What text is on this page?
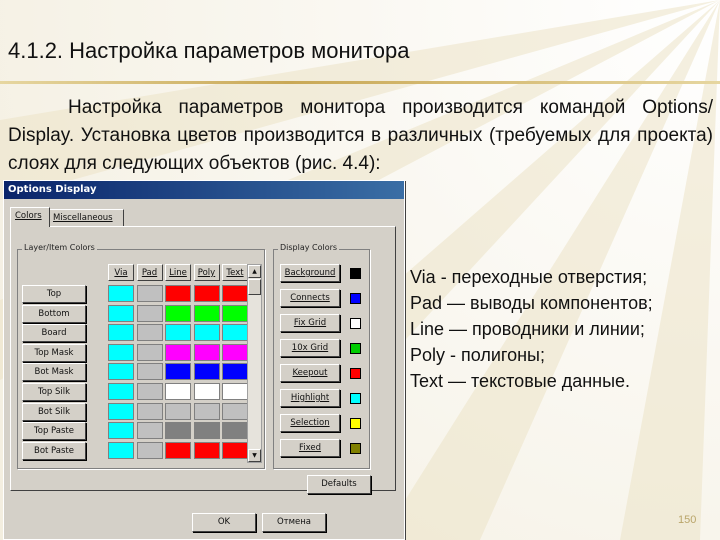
4.1.2. Настройка параметров монитора

Настройка параметров монитора производится командой Options/ Display. Установка цветов производится в различных (требуемых для проекта) слоях для следующих объектов (рис. 4.4):

Options Display
Colors	Miscellaneous
Layer/Item Colors
Via	Pad	Line	Poly	Text
Top
Bottom
Board
Top Mask
Bot Mask
Top Silk
Bot Silk
Top Paste
Bot Paste
▲
▼
Display Colors
Background
Connects
Fix Grid
10x Grid
Keepout
Highlight
Selection
Fixed
Defaults
OK	Отмена
Via - переходные отверстия;
Pad — выводы компонентов;
Line — проводники и линии;
Poly - полигоны;
Text — текстовые данные.
150
